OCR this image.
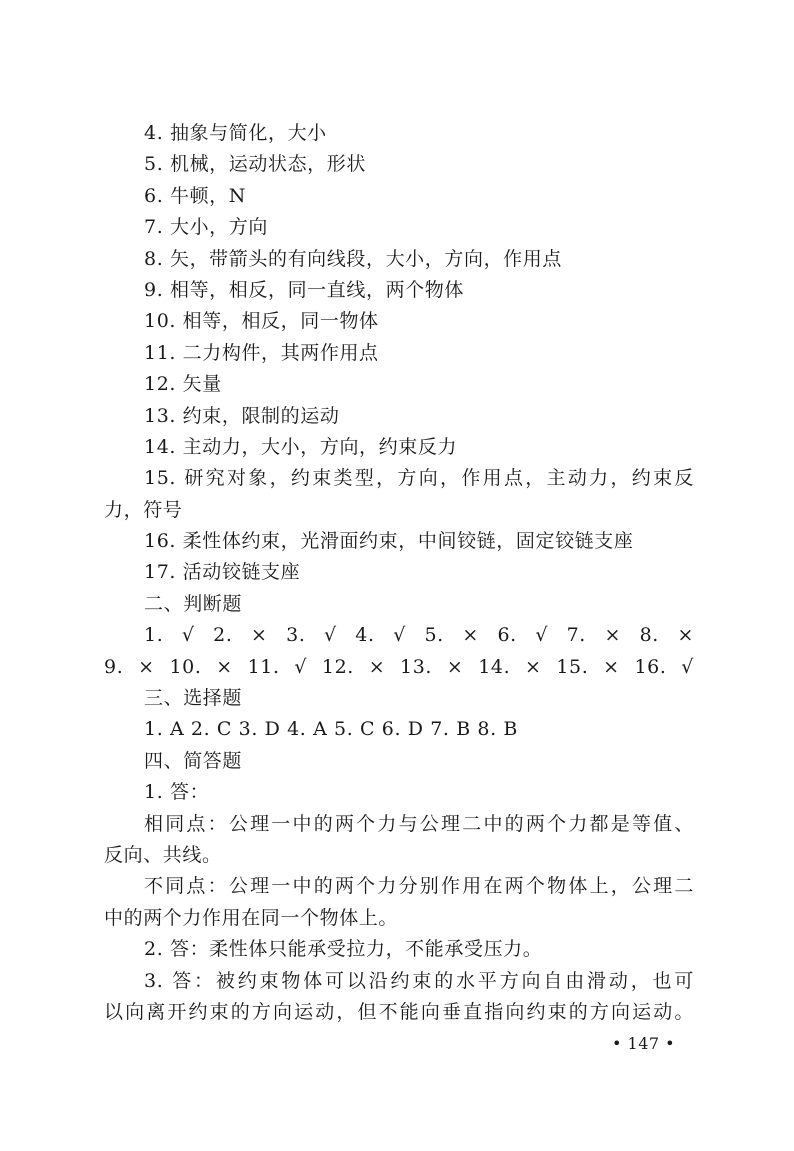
4. 抽象与简化，大小
5. 机械，运动状态，形状
6. 牛顿，N
7. 大小，方向
8. 矢，带箭头的有向线段，大小，方向，作用点
9. 相等，相反，同一直线，两个物体
10. 相等，相反，同一物体
11. 二力构件，其两作用点
12. 矢量
13. 约束，限制的运动
14. 主动力，大小，方向，约束反力
15. 研究对象，约束类型，方向，作用点，主动力，约束反
力，符号
16. 柔性体约束，光滑面约束，中间铰链，固定铰链支座
17. 活动铰链支座
二、判断题
1. √ 2. × 3. √ 4. √ 5. × 6. √ 7. × 8. ×
9. × 10. × 11. √ 12. × 13. × 14. × 15. × 16. √
三、选择题
1. A 2. C 3. D 4. A 5. C 6. D 7. B 8. B
四、简答题
1. 答：
相同点：公理一中的两个力与公理二中的两个力都是等值、
反向、共线。
不同点：公理一中的两个力分别作用在两个物体上，公理二
中的两个力作用在同一个物体上。
2. 答：柔性体只能承受拉力，不能承受压力。
3. 答：被约束物体可以沿约束的水平方向自由滑动，也可
以向离开约束的方向运动，但不能向垂直指向约束的方向运动。
• 147 •
